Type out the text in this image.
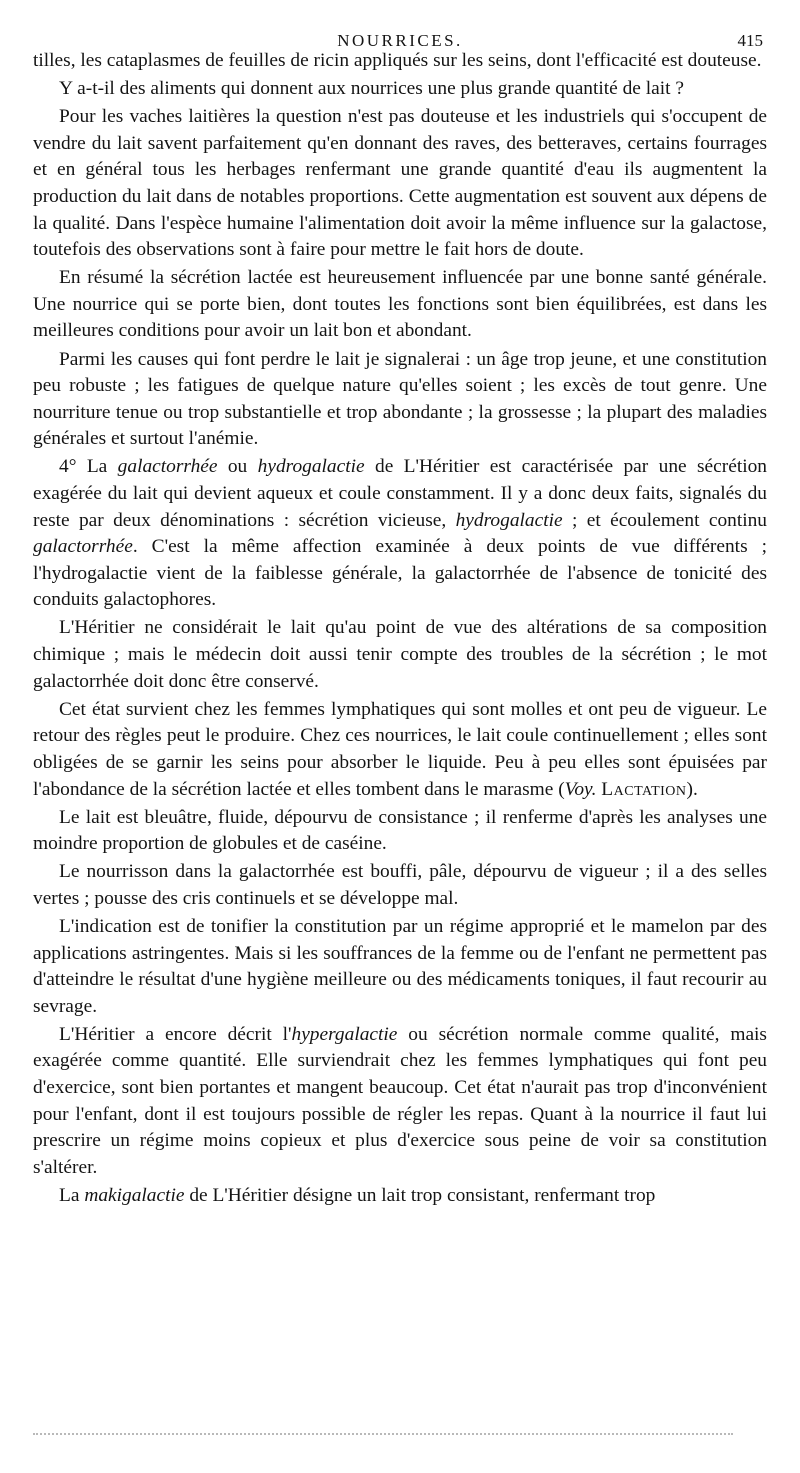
NOURRICES.	415

tilles, les cataplasmes de feuilles de ricin appliqués sur les seins, dont l'efficacité est douteuse.

Y a-t-il des aliments qui donnent aux nourrices une plus grande quantité de lait ?

Pour les vaches laitières la question n'est pas douteuse et les industriels qui s'occupent de vendre du lait savent parfaitement qu'en donnant des raves, des betteraves, certains fourrages et en général tous les herbages renfermant une grande quantité d'eau ils augmentent la production du lait dans de notables proportions. Cette augmentation est souvent aux dépens de la qualité. Dans l'espèce humaine l'alimentation doit avoir la même influence sur la galactose, toutefois des observations sont à faire pour mettre le fait hors de doute.

En résumé la sécrétion lactée est heureusement influencée par une bonne santé générale. Une nourrice qui se porte bien, dont toutes les fonctions sont bien équilibrées, est dans les meilleures conditions pour avoir un lait bon et abondant.

Parmi les causes qui font perdre le lait je signalerai : un âge trop jeune, et une constitution peu robuste ; les fatigues de quelque nature qu'elles soient ; les excès de tout genre. Une nourriture tenue ou trop substantielle et trop abondante ; la grossesse ; la plupart des maladies générales et surtout l'anémie.

4° La galactorrhée ou hydrogalactie de L'Héritier est caractérisée par une sécrétion exagérée du lait qui devient aqueux et coule constamment. Il y a donc deux faits, signalés du reste par deux dénominations : sécrétion vicieuse, hydrogalactie ; et écoulement continu galactorrhée. C'est la même affection examinée à deux points de vue différents ; l'hydrogalactie vient de la faiblesse générale, la galactorrhée de l'absence de tonicité des conduits galactophores.

L'Héritier ne considérait le lait qu'au point de vue des altérations de sa composition chimique ; mais le médecin doit aussi tenir compte des troubles de la sécrétion ; le mot galactorrhée doit donc être conservé.

Cet état survient chez les femmes lymphatiques qui sont molles et ont peu de vigueur. Le retour des règles peut le produire. Chez ces nourrices, le lait coule continuellement ; elles sont obligées de se garnir les seins pour absorber le liquide. Peu à peu elles sont épuisées par l'abondance de la sécrétion lactée et elles tombent dans le marasme (Voy. Lactation).

Le lait est bleuâtre, fluide, dépourvu de consistance ; il renferme d'après les analyses une moindre proportion de globules et de caséine.

Le nourrisson dans la galactorrhée est bouffi, pâle, dépourvu de vigueur ; il a des selles vertes ; pousse des cris continuels et se développe mal.

L'indication est de tonifier la constitution par un régime approprié et le mamelon par des applications astringentes. Mais si les souffrances de la femme ou de l'enfant ne permettent pas d'atteindre le résultat d'une hygiène meilleure ou des médicaments toniques, il faut recourir au sevrage.

L'Héritier a encore décrit l'hypergalactie ou sécrétion normale comme qualité, mais exagérée comme quantité. Elle surviendrait chez les femmes lymphatiques qui font peu d'exercice, sont bien portantes et mangent beaucoup. Cet état n'aurait pas trop d'inconvénient pour l'enfant, dont il est toujours possible de régler les repas. Quant à la nourrice il faut lui prescrire un régime moins copieux et plus d'exercice sous peine de voir sa constitution s'altérer.

La makigalactie de L'Héritier désigne un lait trop consistant, renfermant trop
